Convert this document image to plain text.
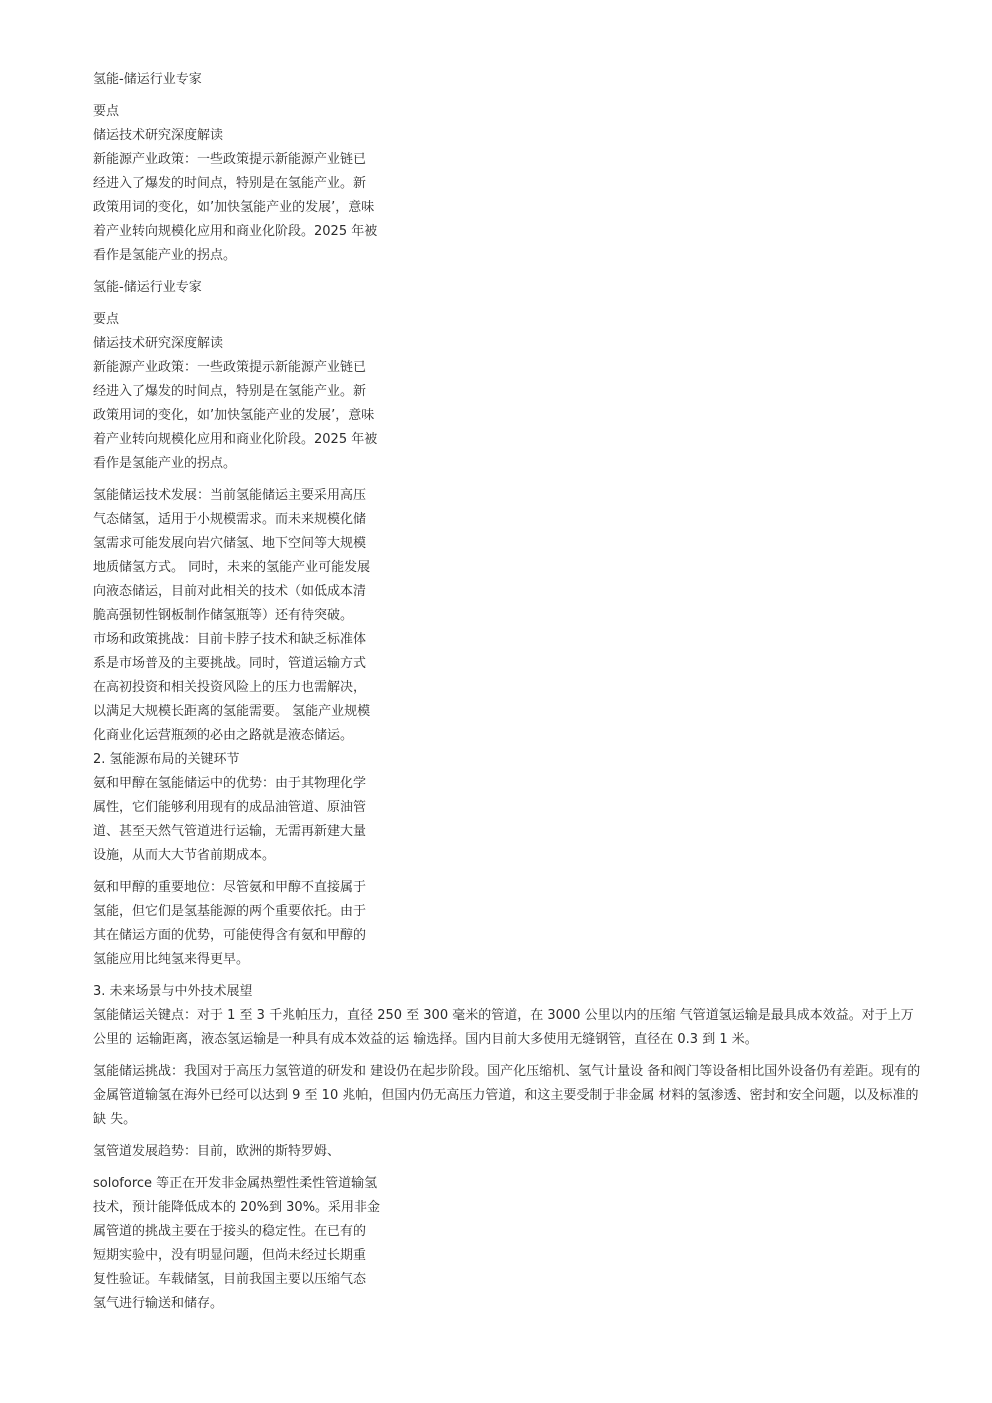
氢能-储运行业专家
要点
储运技术研究深度解读
新能源产业政策：一些政策提示新能源产业链已
经进入了爆发的时间点，特别是在氢能产业。新
政策用词的变化，如’加快氢能产业的发展’，意味
着产业转向规模化应用和商业化阶段。2025 年被
看作是氢能产业的拐点。
氢能-储运行业专家
要点
储运技术研究深度解读
新能源产业政策：一些政策提示新能源产业链已
经进入了爆发的时间点，特别是在氢能产业。新
政策用词的变化，如’加快氢能产业的发展’，意味
着产业转向规模化应用和商业化阶段。2025 年被
看作是氢能产业的拐点。
氢能储运技术发展：当前氢能储运主要采用高压
气态储氢，适用于小规模需求。而未来规模化储
氢需求可能发展向岩穴储氢、地下空间等大规模
地质储氢方式。 同时，未来的氢能产业可能发展
向液态储运，目前对此相关的技术（如低成本清
脆高强韧性钢板制作储氢瓶等）还有待突破。
市场和政策挑战：目前卡脖子技术和缺乏标准体
系是市场普及的主要挑战。同时，管道运输方式
在高初投资和相关投资风险上的压力也需解决，
以满足大规模长距离的氢能需要。 氢能产业规模
化商业化运营瓶颈的必由之路就是液态储运。
2. 氢能源布局的关键环节
氨和甲醇在氢能储运中的优势：由于其物理化学
属性，它们能够利用现有的成品油管道、原油管
道、甚至天然气管道进行运输，无需再新建大量
设施，从而大大节省前期成本。
氨和甲醇的重要地位：尽管氨和甲醇不直接属于
氢能，但它们是氢基能源的两个重要依托。由于
其在储运方面的优势，可能使得含有氨和甲醇的
氢能应用比纯氢来得更早。
3. 未来场景与中外技术展望
氢能储运关键点：对于 1 至 3 千兆帕压力，直径 250 至 300 毫米的管道，在 3000 公里以内的压缩 气管道氢运输是最具成本效益。对于上万
公里的 运输距离，液态氢运输是一种具有成本效益的运 输选择。国内目前大多使用无缝钢管，直径在 0.3 到 1 米。
氢能储运挑战：我国对于高压力氢管道的研发和 建设仍在起步阶段。国产化压缩机、氢气计量设 备和阀门等设备相比国外设备仍有差距。现有的
金属管道输氢在海外已经可以达到 9 至 10 兆帕，但国内仍无高压力管道，和这主要受制于非金属 材料的氢渗透、密封和安全问题，以及标准的
缺 失。
氢管道发展趋势：目前，欧洲的斯特罗姆、
soloforce 等正在开发非金属热塑性柔性管道输氢
技术，预计能降低成本的 20%到 30%。采用非金
属管道的挑战主要在于接头的稳定性。在已有的
短期实验中，没有明显问题，但尚未经过长期重
复性验证。车载储氢，目前我国主要以压缩气态
氢气进行输送和储存。
